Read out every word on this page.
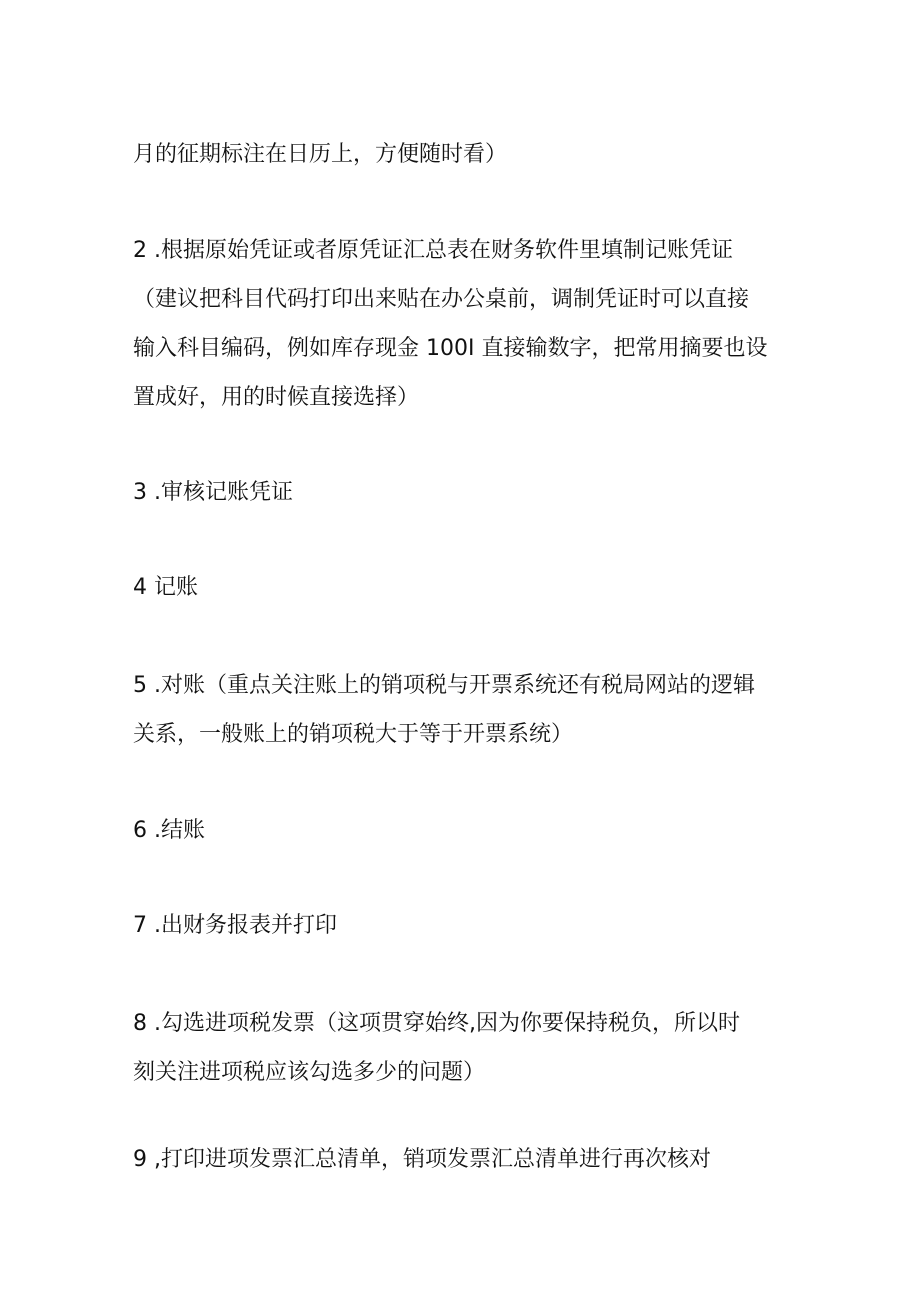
月的征期标注在日历上，方便随时看）

2 .根据原始凭证或者原凭证汇总表在财务软件里填制记账凭证
（建议把科目代码打印出来贴在办公桌前，调制凭证时可以直接
输入科目编码，例如库存现金 100I 直接输数字，把常用摘要也设
置成好，用的时候直接选择）

3 .审核记账凭证

4 记账

5 .对账（重点关注账上的销项税与开票系统还有税局网站的逻辑
关系，一般账上的销项税大于等于开票系统）

6 .结账

7 .出财务报表并打印

8 .勾选进项税发票（这项贯穿始终,因为你要保持税负，所以时
刻关注进项税应该勾选多少的问题）

9 ,打印进项发票汇总清单，销项发票汇总清单进行再次核对
